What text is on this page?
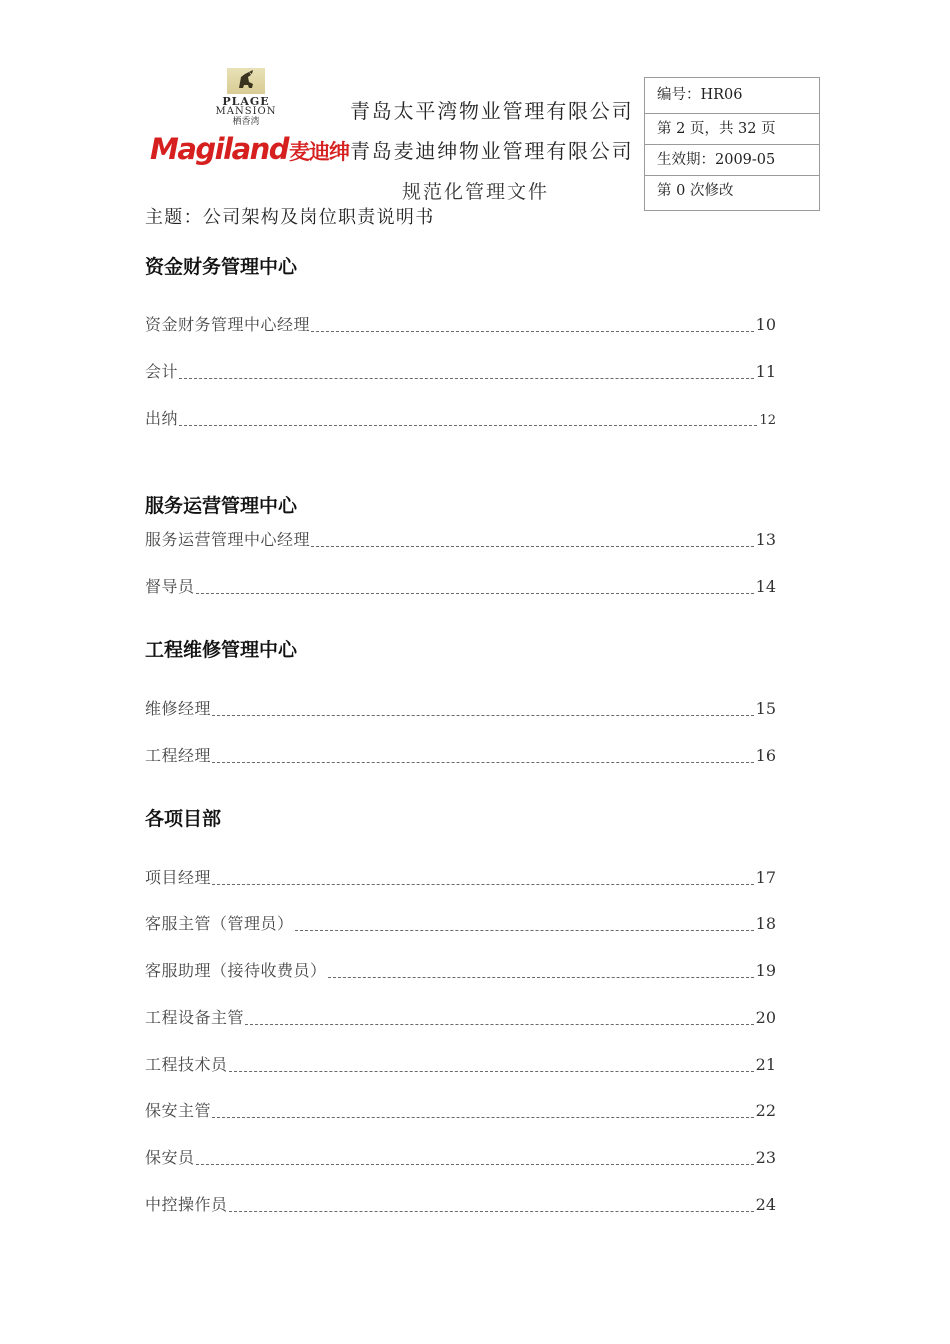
PLAGE
MANSION
栖香湾
Magiland麦迪绅
青岛太平湾物业管理有限公司
青岛麦迪绅物业管理有限公司
规范化管理文件
编号：HR06
第 2 页，共 32 页
生效期：2009-05
第 0 次修改
主题：公司架构及岗位职责说明书
资金财务管理中心
资金财务管理中心经理	10
会计	11
出纳	12
服务运营管理中心
服务运营管理中心经理	13
督导员	14
工程维修管理中心
维修经理	15
工程经理	16
各项目部
项目经理	17
客服主管（管理员）	18
客服助理（接待收费员）	19
工程设备主管	20
工程技术员	21
保安主管	22
保安员	23
中控操作员	24
